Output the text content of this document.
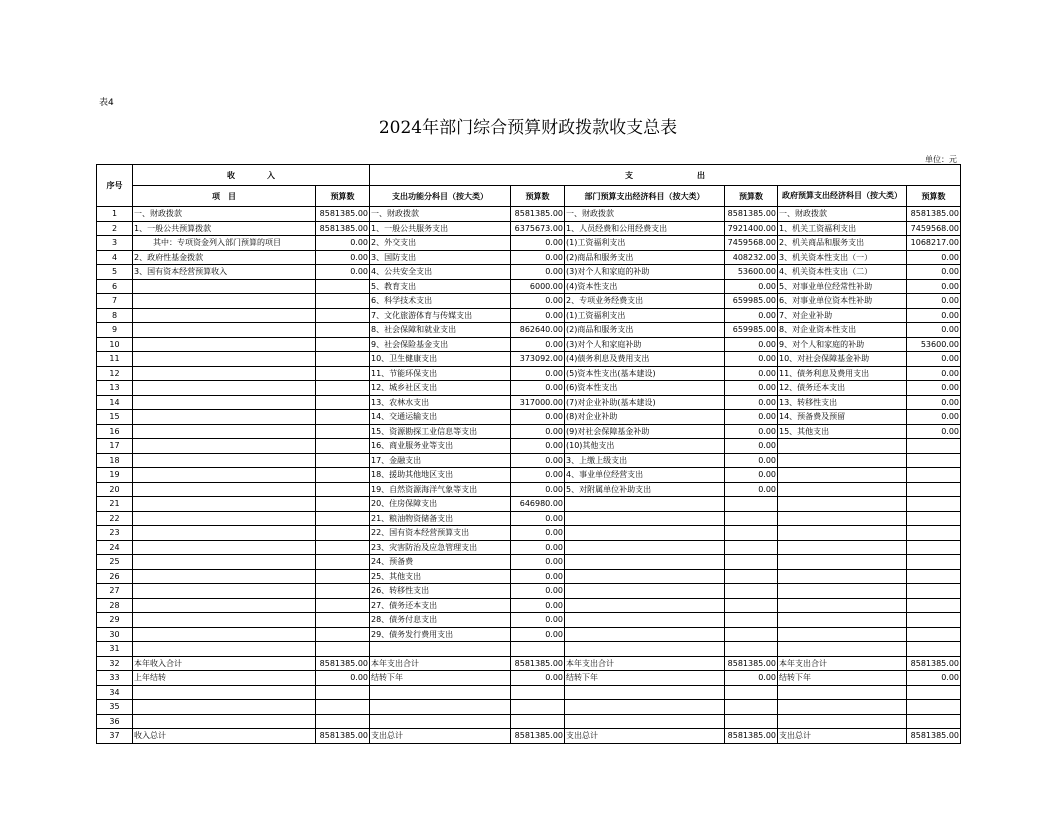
表4
2024年部门综合预算财政拨款收支总表
单位：元
序号	收　　　　入		支　　　　　　　　出					
	项　目	预算数	支出功能分科目（按大类）	预算数	部门预算支出经济科目（按大类）	预算数	政府预算支出经济科目（按大类）	预算数
1	一、财政拨款	8581385.00	一、财政拨款	8581385.00	一、财政拨款	8581385.00	一、财政拨款	8581385.00
2	1、一般公共预算拨款	8581385.00	1、一般公共服务支出	6375673.00	1、人员经费和公用经费支出	7921400.00	1、机关工资福利支出	7459568.00
3	其中：专项资金列入部门预算的项目	0.00	2、外交支出	0.00	(1)工资福利支出	7459568.00	2、机关商品和服务支出	1068217.00
4	2、政府性基金拨款	0.00	3、国防支出	0.00	(2)商品和服务支出	408232.00	3、机关资本性支出（一）	0.00
5	3、国有资本经营预算收入	0.00	4、公共安全支出	0.00	(3)对个人和家庭的补助	53600.00	4、机关资本性支出（二）	0.00
6			5、教育支出	6000.00	(4)资本性支出	0.00	5、对事业单位经常性补助	0.00
7			6、科学技术支出	0.00	2、专项业务经费支出	659985.00	6、对事业单位资本性补助	0.00
8			7、文化旅游体育与传媒支出	0.00	(1)工资福利支出	0.00	7、对企业补助	0.00
9			8、社会保障和就业支出	862640.00	(2)商品和服务支出	659985.00	8、对企业资本性支出	0.00
10			9、社会保险基金支出	0.00	(3)对个人和家庭补助	0.00	9、对个人和家庭的补助	53600.00
11			10、卫生健康支出	373092.00	(4)债务利息及费用支出	0.00	10、对社会保障基金补助	0.00
12			11、节能环保支出	0.00	(5)资本性支出(基本建设)	0.00	11、债务利息及费用支出	0.00
13			12、城乡社区支出	0.00	(6)资本性支出	0.00	12、债务还本支出	0.00
14			13、农林水支出	317000.00	(7)对企业补助(基本建设)	0.00	13、转移性支出	0.00
15			14、交通运输支出	0.00	(8)对企业补助	0.00	14、预备费及预留	0.00
16			15、资源勘探工业信息等支出	0.00	(9)对社会保障基金补助	0.00	15、其他支出	0.00
17			16、商业服务业等支出	0.00	(10)其他支出	0.00		
18			17、金融支出	0.00	3、上缴上级支出	0.00		
19			18、援助其他地区支出	0.00	4、事业单位经营支出	0.00		
20			19、自然资源海洋气象等支出	0.00	5、对附属单位补助支出	0.00		
21			20、住房保障支出	646980.00				
22			21、粮油物资储备支出	0.00				
23			22、国有资本经营预算支出	0.00				
24			23、灾害防治及应急管理支出	0.00				
25			24、预备费	0.00				
26			25、其他支出	0.00				
27			26、转移性支出	0.00				
28			27、债务还本支出	0.00				
29			28、债务付息支出	0.00				
30			29、债务发行费用支出	0.00				
31								
32	本年收入合计	8581385.00	本年支出合计	8581385.00	本年支出合计	8581385.00	本年支出合计	8581385.00
33	上年结转	0.00	结转下年	0.00	结转下年	0.00	结转下年	0.00
34								
35								
36								
37	收入总计	8581385.00	支出总计	8581385.00	支出总计	8581385.00	支出总计	8581385.00
